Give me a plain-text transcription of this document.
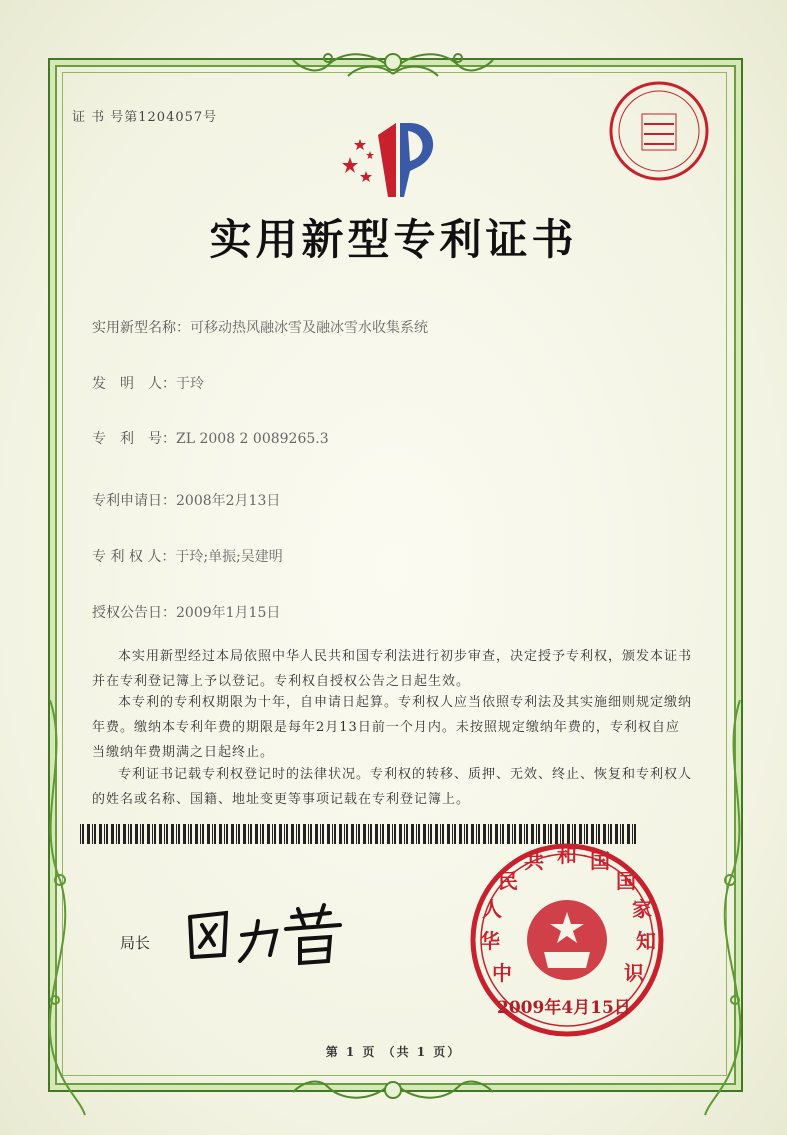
证 书 号第1204057号
实用新型专利证书
实用新型名称：可移动热风融冰雪及融冰雪水收集系统
发　明　人：于玲
专　利　号：ZL 2008 2 0089265.3
专利申请日：2008年2月13日
专 利 权 人：于玲;单振;吴建明
授权公告日：2009年1月15日
本实用新型经过本局依照中华人民共和国专利法进行初步审查，决定授予专利权，颁发本证书并在专利登记簿上予以登记。专利权自授权公告之日起生效。
本专利的专利权期限为十年，自申请日起算。专利权人应当依照专利法及其实施细则规定缴纳年费。缴纳本专利年费的期限是每年2月13日前一个月内。未按照规定缴纳年费的，专利权自应当缴纳年费期满之日起终止。
专利证书记载专利权登记时的法律状况。专利权的转移、质押、无效、终止、恢复和专利权人的姓名或名称、国籍、地址变更等事项记载在专利登记簿上。
局长
中
华
人
民
共 和 国
国
家
知
识
2009年4月15日
第 1 页 （共 1 页）
